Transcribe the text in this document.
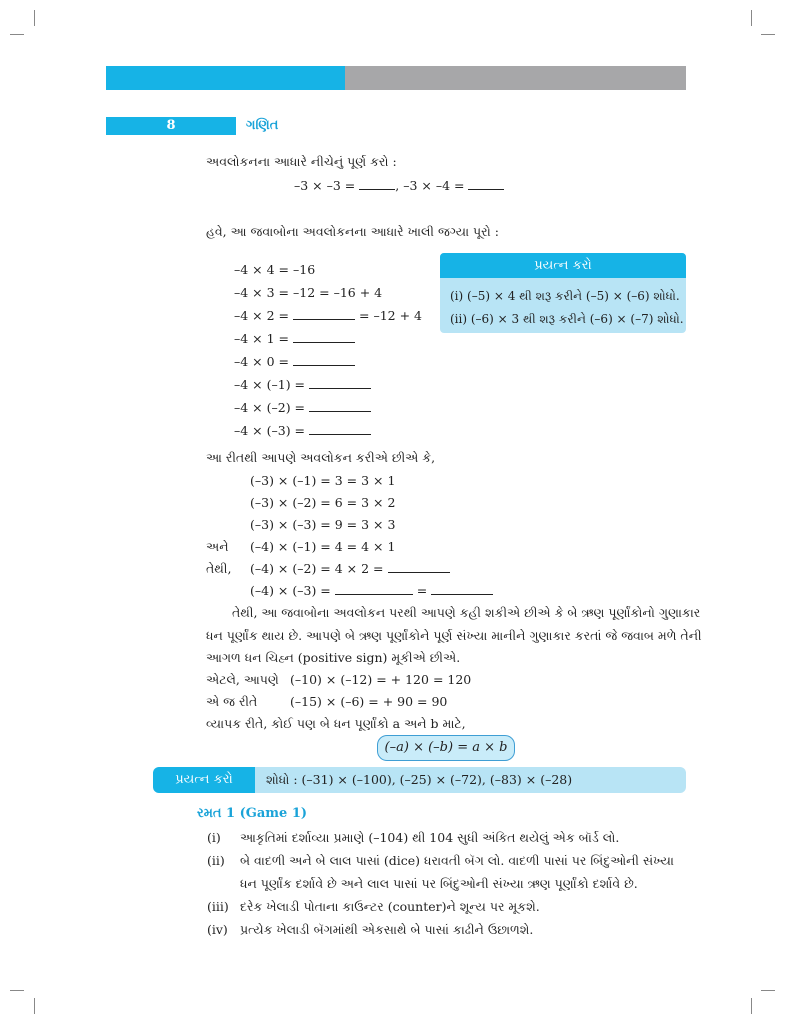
8	ગણિત
અવલોકનના આધારે નીચેનું પૂર્ણ કરો :
–3 × –3 =	, –3 × –4 =
હવે, આ જવાબોના અવલોકનના આધારે ખાલી જગ્યા પૂરો :
–4 × 4 = –16
–4 × 3 = –12 = –16 + 4
–4 × 2 =	= –12 + 4
–4 × 1 =
–4 × 0 =
–4 × (–1) =
–4 × (–2) =
–4 × (–3) =
પ્રયત્ન કરો
(i) (–5) × 4 થી શરૂ કરીને (–5) × (–6) શોધો.
(ii) (–6) × 3 થી શરૂ કરીને (–6) × (–7) શોધો.
આ રીતથી આપણે અવલોકન કરીએ છીએ કે,
(–3) × (–1) = 3 = 3 × 1
(–3) × (–2) = 6 = 3 × 2
(–3) × (–3) = 9 = 3 × 3
અને (–4) × (–1) = 4 = 4 × 1
તેથી, (–4) × (–2) = 4 × 2 =
(–4) × (–3) =	=
તેથી, આ જવાબોના અવલોકન પરથી આપણે કહી શકીએ છીએ કે બે ઋણ પૂર્ણાંકોનો ગુણાકાર
ધન પૂર્ણાંક થાય છે. આપણે બે ઋણ પૂર્ણાંકોને પૂર્ણ સંખ્યા માનીને ગુણાકાર કરતાં જે જવાબ મળે તેની
આગળ ધન ચિહ્ન (positive sign) મૂકીએ છીએ.
એટલે, આપણે (–10) × (–12) = + 120 = 120
એ જ રીતે	(–15) × (–6) = + 90 = 90
વ્યાપક રીતે, કોઈ પણ બે ધન પૂર્ણાંકો a અને b માટે,
(–a) × (–b) = a × b
પ્રયત્ન કરો	શોધો : (–31) × (–100), (–25) × (–72), (–83) × (–28)
રમત 1 (Game 1)
(i) આકૃતિમાં દર્શાવ્યા પ્રમાણે (–104) થી 104 સુધી અંકિત થયેલું એક બૉર્ડ લો.
(ii) બે વાદળી અને બે લાલ પાસાં (dice) ધરાવતી બૅગ લો. વાદળી પાસાં પર બિંદુઓની સંખ્યા
ધન પૂર્ણાંક દર્શાવે છે અને લાલ પાસાં પર બિંદુઓની સંખ્યા ઋણ પૂર્ણાંકો દર્શાવે છે.
(iii) દરેક ખેલાડી પોતાના કાઉન્ટર (counter)ને શૂન્ય પર મૂકશે.
(iv) પ્રત્યેક ખેલાડી બૅગમાંથી એકસાથે બે પાસાં કાઢીને ઉછાળશે.
